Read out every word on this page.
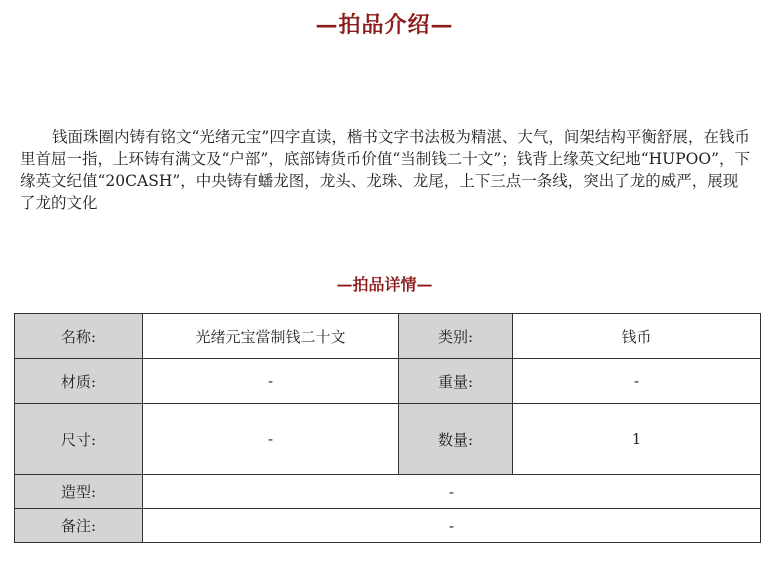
—拍品介绍—

钱面珠圈内铸有铭文“光绪元宝”四字直读，楷书文字书法极为精湛、大气，间架结构平衡舒展，在钱币里首屈一指，上环铸有满文及“户部”，底部铸货币价值“当制钱二十文”；钱背上缘英文纪地“HUPOO”，下缘英文纪值“20CASH”，中央铸有蟠龙图，龙头、龙珠、龙尾，上下三点一条线，突出了龙的威严，展现了龙的文化

—拍品详情—
名称:	光绪元宝當制钱二十文	类别:	钱币
材质:	-	重量:	-
尺寸:	-	数量:	1
造型:	-		
备注:	-		
